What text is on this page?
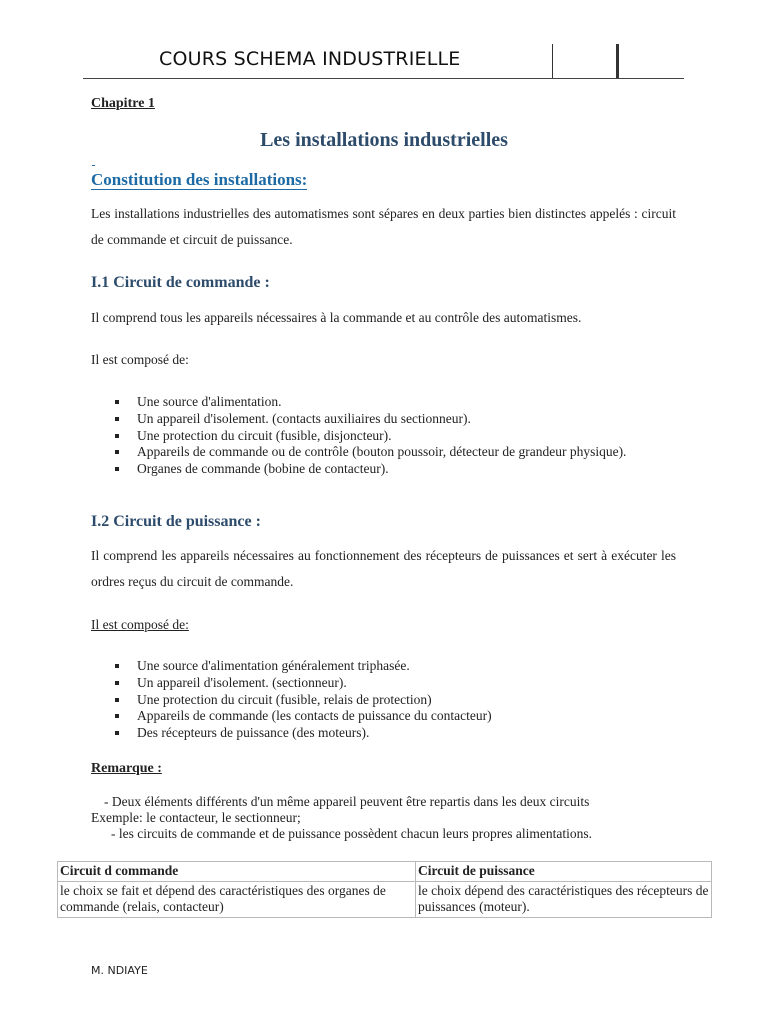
COURS SCHEMA INDUSTRIELLE
Chapitre 1
Les installations industrielles
Constitution des installations:
Les installations industrielles des automatismes sont sépares en deux parties bien distinctes appelés : circuit de commande et circuit de puissance.
I.1 Circuit de commande :
Il comprend tous les appareils nécessaires à la commande et au contrôle des automatismes.
Il est composé de:
Une source d'alimentation.
Un appareil d'isolement. (contacts auxiliaires du sectionneur).
Une protection du circuit (fusible, disjoncteur).
Appareils de commande ou de contrôle (bouton poussoir, détecteur de grandeur physique).
Organes de commande (bobine de contacteur).
I.2 Circuit de puissance :
Il comprend les appareils nécessaires au fonctionnement des récepteurs de puissances et sert à exécuter les ordres reçus du circuit de commande.
Il est composé de:
Une source d'alimentation généralement triphasée.
Un appareil d'isolement. (sectionneur).
Une protection du circuit (fusible, relais de protection)
Appareils de commande (les contacts de puissance du contacteur)
Des récepteurs de puissance (des moteurs).
Remarque :
- Deux éléments différents d'un même appareil peuvent être repartis dans les deux circuits
Exemple: le contacteur, le sectionneur;
- les circuits de commande et de puissance possèdent chacun leurs propres alimentations.
Circuit d commande	Circuit de puissance
le choix se fait et dépend des caractéristiques des organes de commande (relais, contacteur)	le choix dépend des caractéristiques des récepteurs de puissances (moteur).
M. NDIAYE
